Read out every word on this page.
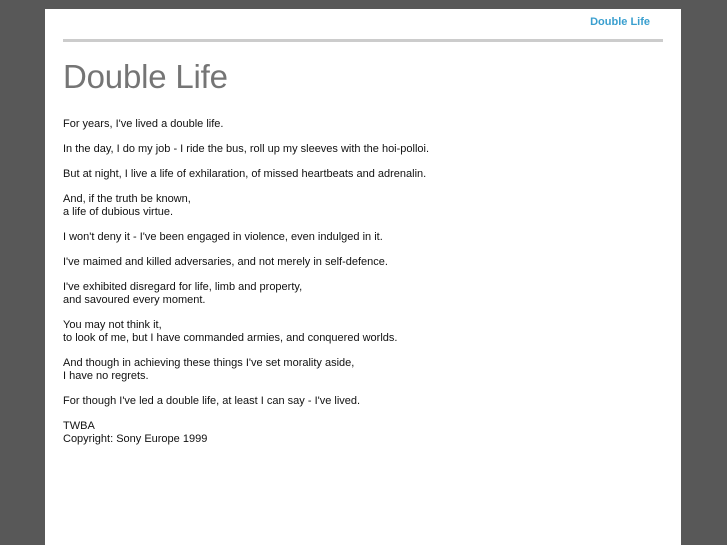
Double Life
Double Life

For years, I've lived a double life.

In the day, I do my job - I ride the bus, roll up my sleeves with the hoi-polloi.

But at night, I live a life of exhilaration, of missed heartbeats and adrenalin.

And, if the truth be known,
a life of dubious virtue.

I won't deny it - I've been engaged in violence, even indulged in it.

I've maimed and killed adversaries, and not merely in self-defence.

I've exhibited disregard for life, limb and property,
and savoured every moment.

You may not think it,
to look of me, but I have commanded armies, and conquered worlds.

And though in achieving these things I've set morality aside,
I have no regrets.

For though I've led a double life, at least I can say - I've lived.

TWBA
Copyright: Sony Europe 1999
